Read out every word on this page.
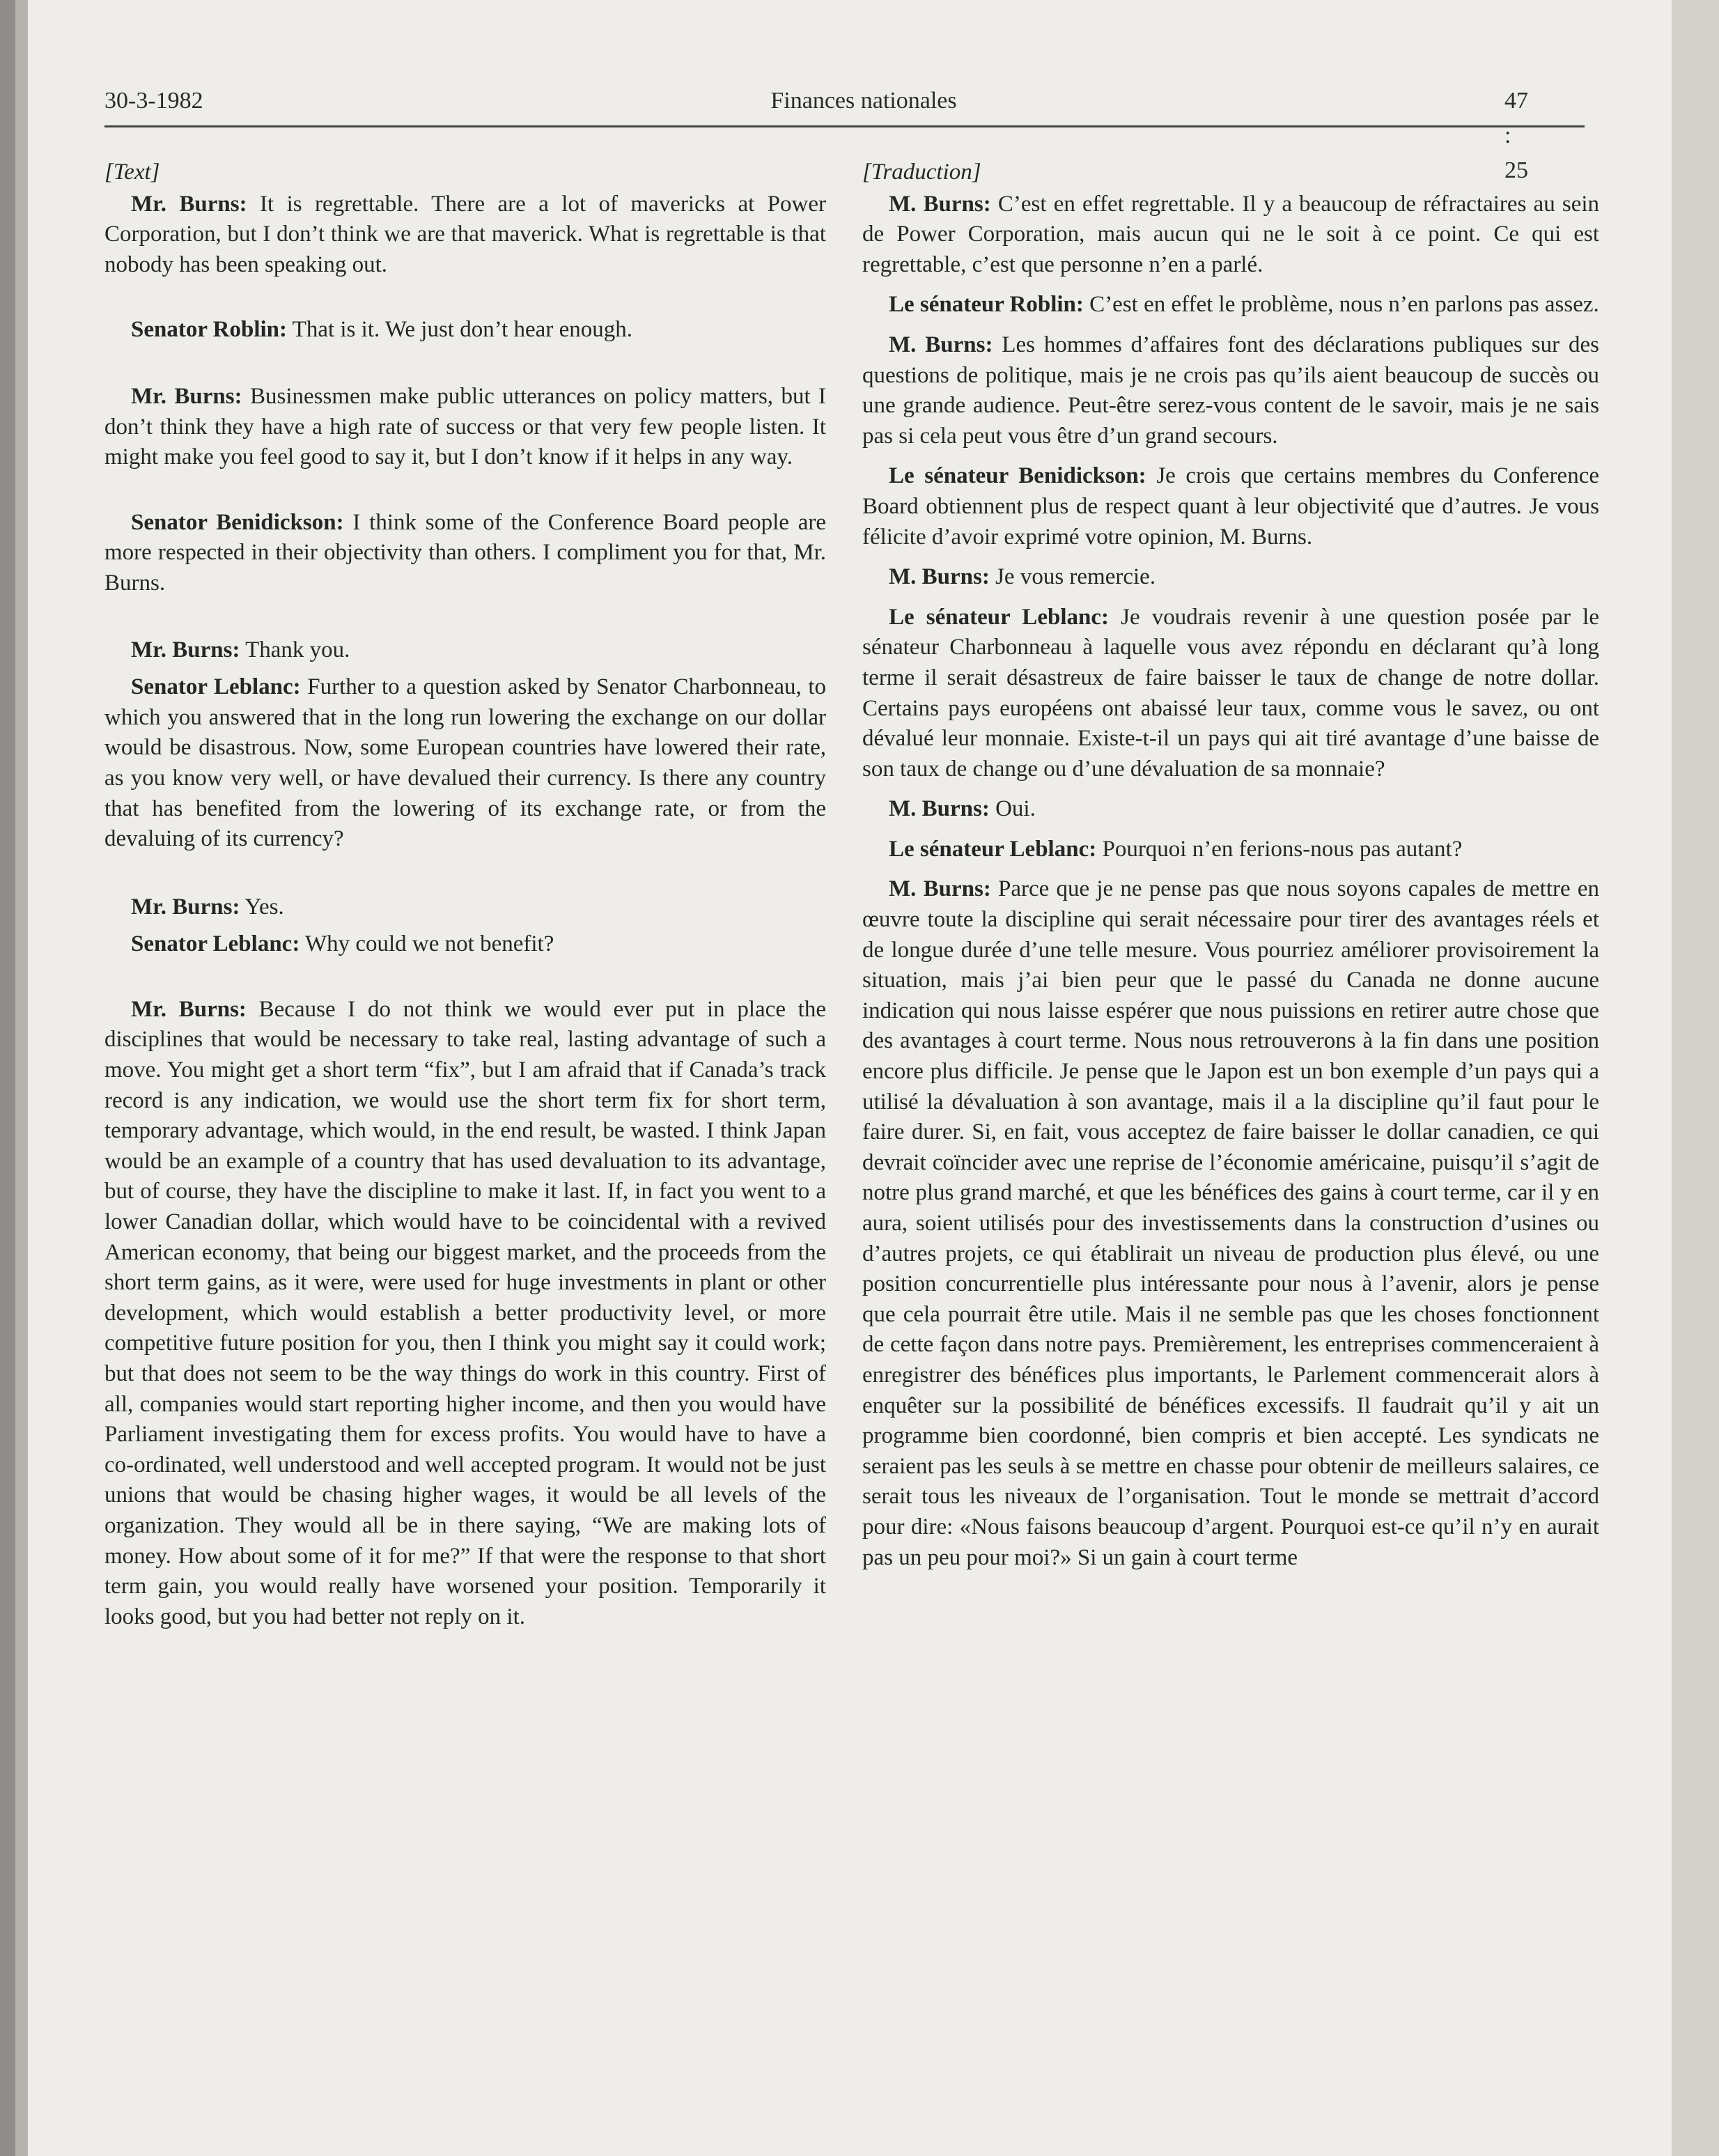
30-3-1982	Finances nationales

[Text]

Mr. Burns: It is regrettable. There are a lot of mavericks at Power Corporation, but I don’t think we are that maverick. What is regrettable is that nobody has been speaking out.

Senator Roblin: That is it. We just don’t hear enough.

Mr. Burns: Businessmen make public utterances on policy matters, but I don’t think they have a high rate of success or that very few people listen. It might make you feel good to say it, but I don’t know if it helps in any way.

Senator Benidickson: I think some of the Conference Board people are more respected in their objectivity than others. I compliment you for that, Mr. Burns.

Mr. Burns: Thank you.

Senator Leblanc: Further to a question asked by Senator Charbonneau, to which you answered that in the long run lowering the exchange on our dollar would be disastrous. Now, some European countries have lowered their rate, as you know very well, or have devalued their currency. Is there any country that has benefited from the lowering of its exchange rate, or from the devaluing of its currency?

Mr. Burns: Yes.

Senator Leblanc: Why could we not benefit?

Mr. Burns: Because I do not think we would ever put in place the disciplines that would be necessary to take real, lasting advantage of such a move. You might get a short term “fix”, but I am afraid that if Canada’s track record is any indication, we would use the short term fix for short term, temporary advantage, which would, in the end result, be wasted. I think Japan would be an example of a country that has used devaluation to its advantage, but of course, they have the discipline to make it last. If, in fact you went to a lower Canadian dollar, which would have to be coincidental with a revived American economy, that being our biggest market, and the proceeds from the short term gains, as it were, were used for huge investments in plant or other development, which would establish a better productivity level, or more competitive future position for you, then I think you might say it could work; but that does not seem to be the way things do work in this country. First of all, companies would start reporting higher income, and then you would have Parliament investigating them for excess profits. You would have to have a co-ordinated, well understood and well accepted program. It would not be just unions that would be chasing higher wages, it would be all levels of the organization. They would all be in there saying, “We are making lots of money. How about some of it for me?” If that were the response to that short term gain, you would really have worsened your position. Temporarily it looks good, but you had better not reply on it.

[Traduction]

M. Burns: C’est en effet regrettable. Il y a beaucoup de réfractaires au sein de Power Corporation, mais aucun qui ne le soit à ce point. Ce qui est regrettable, c’est que personne n’en a parlé.

Le sénateur Roblin: C’est en effet le problème, nous n’en parlons pas assez.

M. Burns: Les hommes d’affaires font des déclarations publiques sur des questions de politique, mais je ne crois pas qu’ils aient beaucoup de succès ou une grande audience. Peut-être serez-vous content de le savoir, mais je ne sais pas si cela peut vous être d’un grand secours.

Le sénateur Benidickson: Je crois que certains membres du Conference Board obtiennent plus de respect quant à leur objectivité que d’autres. Je vous félicite d’avoir exprimé votre opinion, M. Burns.

M. Burns: Je vous remercie.

Le sénateur Leblanc: Je voudrais revenir à une question posée par le sénateur Charbonneau à laquelle vous avez répondu en déclarant qu’à long terme il serait désastreux de faire baisser le taux de change de notre dollar. Certains pays européens ont abaissé leur taux, comme vous le savez, ou ont dévalué leur monnaie. Existe-t-il un pays qui ait tiré avantage d’une baisse de son taux de change ou d’une dévaluation de sa monnaie?

M. Burns: Oui.

Le sénateur Leblanc: Pourquoi n’en ferions-nous pas autant?

M. Burns: Parce que je ne pense pas que nous soyons capales de mettre en œuvre toute la discipline qui serait nécessaire pour tirer des avantages réels et de longue durée d’une telle mesure. Vous pourriez améliorer provisoirement la situation, mais j’ai bien peur que le passé du Canada ne donne aucune indication qui nous laisse espérer que nous puissions en retirer autre chose que des avantages à court terme. Nous nous retrouverons à la fin dans une position encore plus difficile. Je pense que le Japon est un bon exemple d’un pays qui a utilisé la dévaluation à son avantage, mais il a la discipline qu’il faut pour le faire durer. Si, en fait, vous acceptez de faire baisser le dollar canadien, ce qui devrait coïncider avec une reprise de l’économie américaine, puisqu’il s’agit de notre plus grand marché, et que les bénéfices des gains à court terme, car il y en aura, soient utilisés pour des investissements dans la construction d’usines ou d’autres projets, ce qui établirait un niveau de production plus élevé, ou une position concurrentielle plus intéressante pour nous à l’avenir, alors je pense que cela pourrait être utile. Mais il ne semble pas que les choses fonctionnent de cette façon dans notre pays. Premièrement, les entreprises commenceraient à enregistrer des bénéfices plus importants, le Parlement commencerait alors à enquêter sur la possibilité de bénéfices excessifs. Il faudrait qu’il y ait un programme bien coordonné, bien compris et bien accepté. Les syndicats ne seraient pas les seuls à se mettre en chasse pour obtenir de meilleurs salaires, ce serait tous les niveaux de l’organisation. Tout le monde se mettrait d’accord pour dire: «Nous faisons beaucoup d’argent. Pourquoi est-ce qu’il n’y en aurait pas un peu pour moi?» Si un gain à court terme
